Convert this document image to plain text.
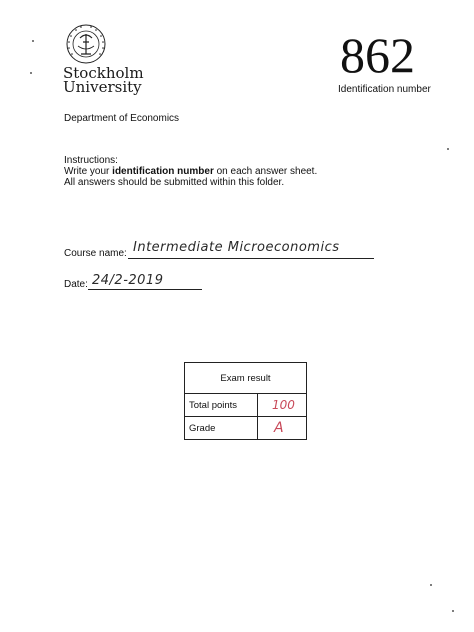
Stockholm
University
862
Identification number
Department of Economics
Instructions:
Write your identification number on each answer sheet.
All answers should be submitted within this folder.
Course name: Intermediate Microeconomics
Date: 24/2-2019
Exam result	
Total points	100
Grade	A
